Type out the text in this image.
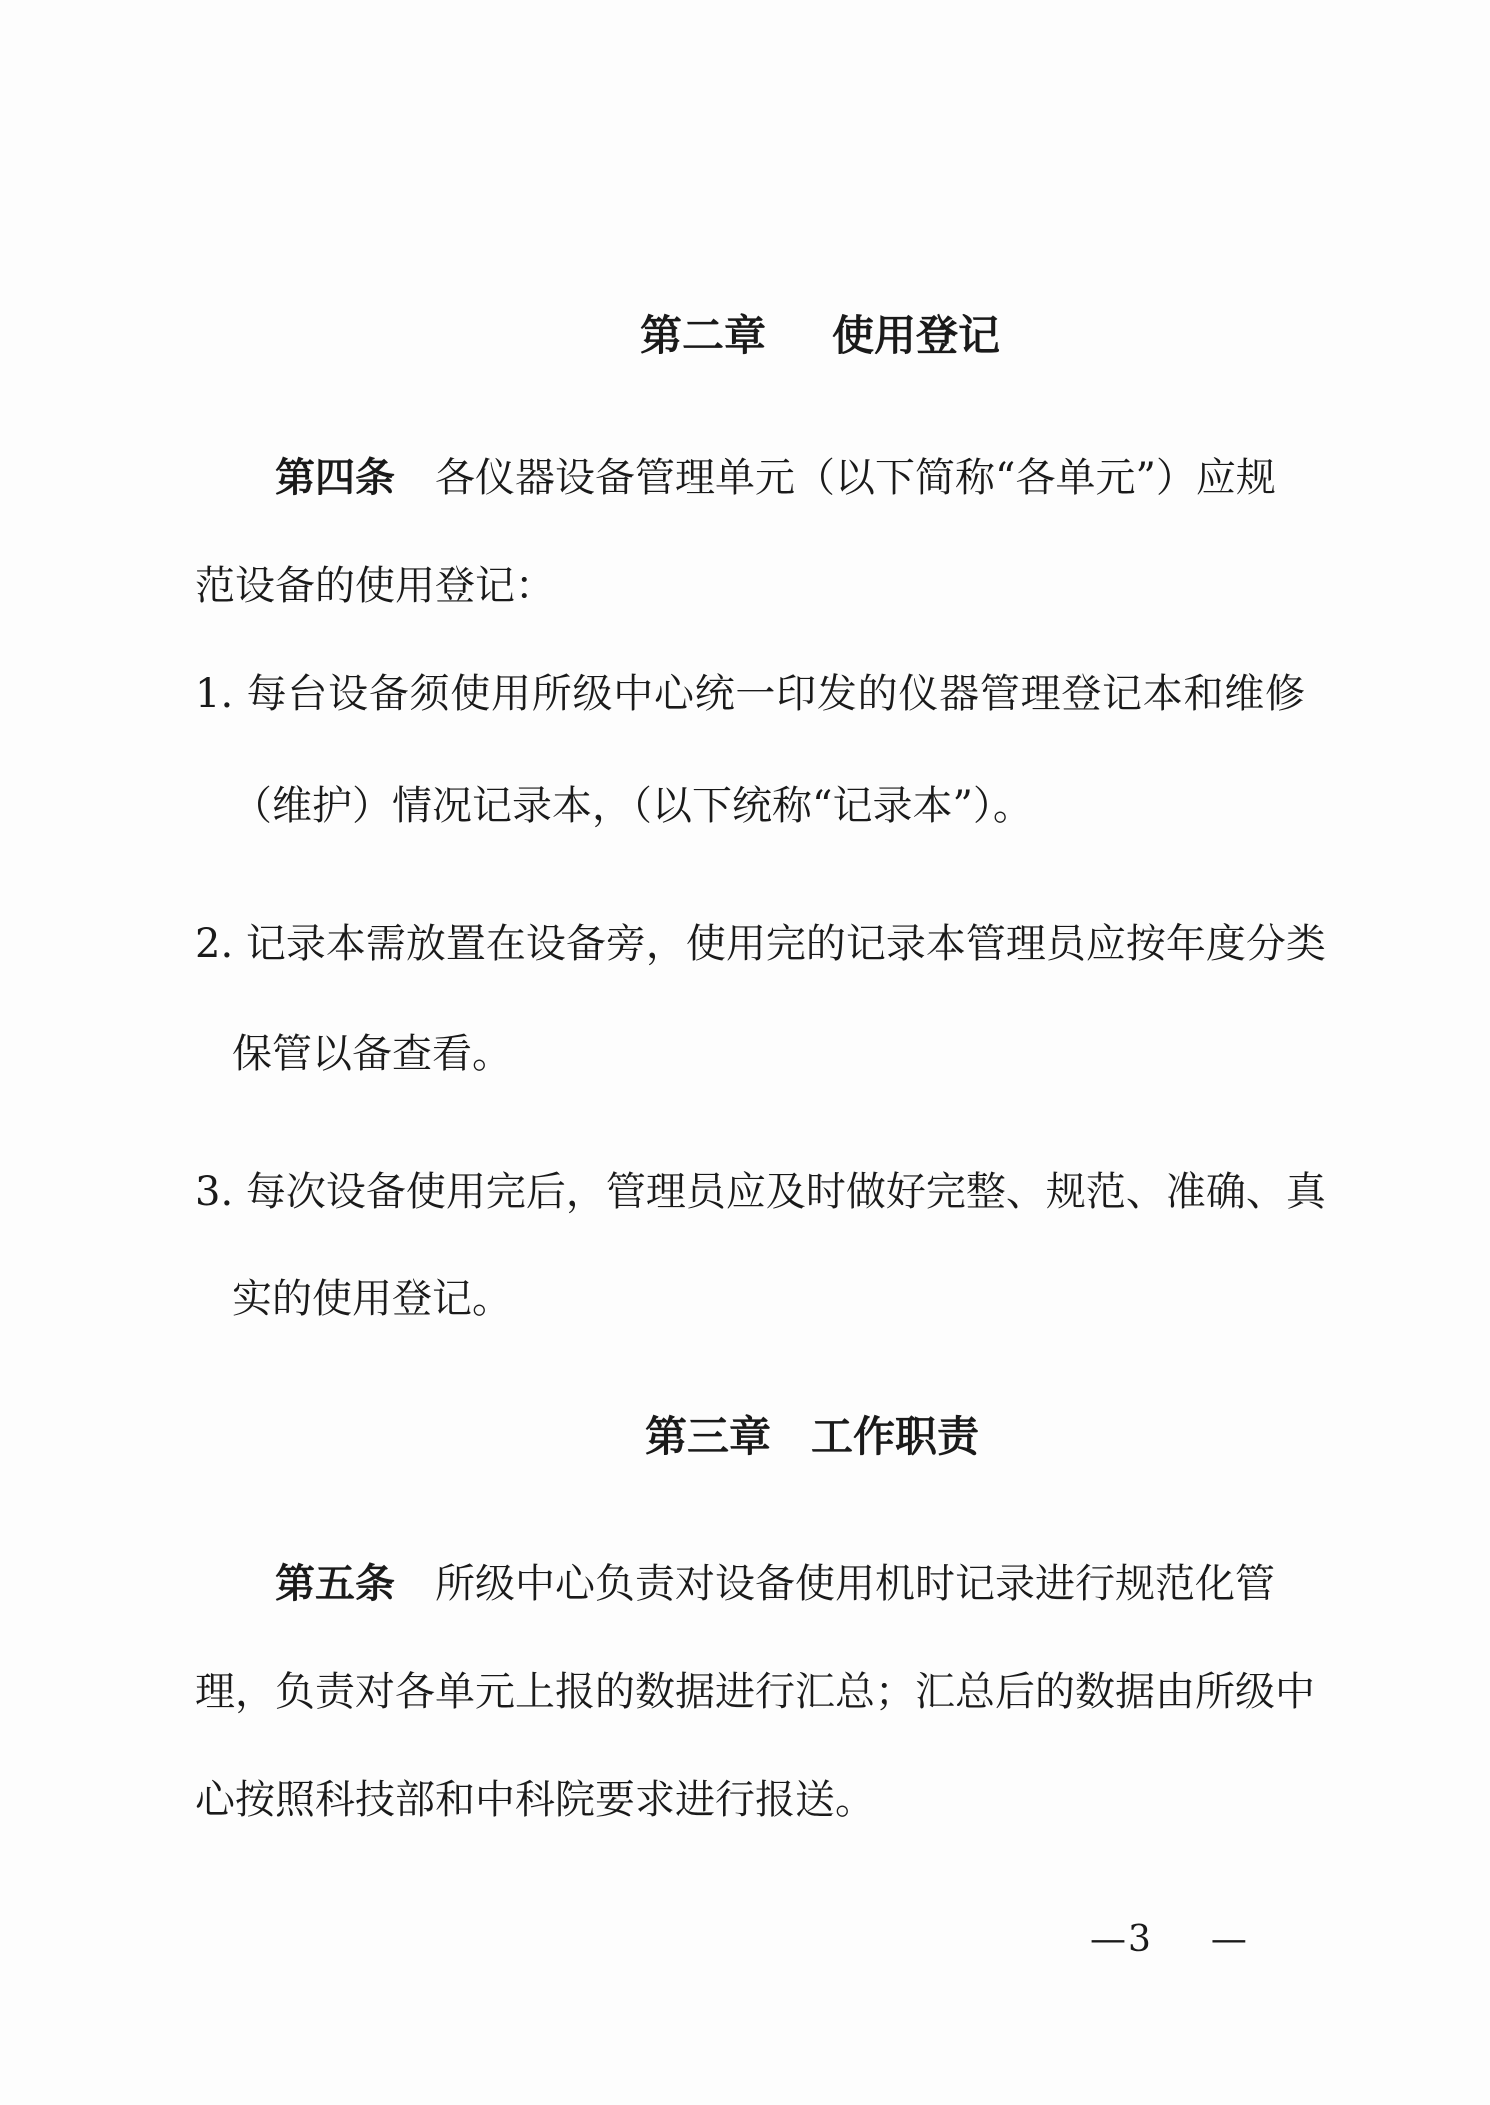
第二章 使用登记
第四条 各仪器设备管理单元（以下简称“各单元”）应规
范设备的使用登记：
1. 每台设备须使用所级中心统一印发的仪器管理登记本和维修
（维护）情况记录本，（以下统称“记录本”）。
2. 记录本需放置在设备旁，使用完的记录本管理员应按年度分类
保管以备查看。
3. 每次设备使用完后，管理员应及时做好完整、规范、准确、真
实的使用登记。
第三章 工作职责
第五条 所级中心负责对设备使用机时记录进行规范化管
理，负责对各单元上报的数据进行汇总；汇总后的数据由所级中
心按照科技部和中科院要求进行报送。
—3 —
